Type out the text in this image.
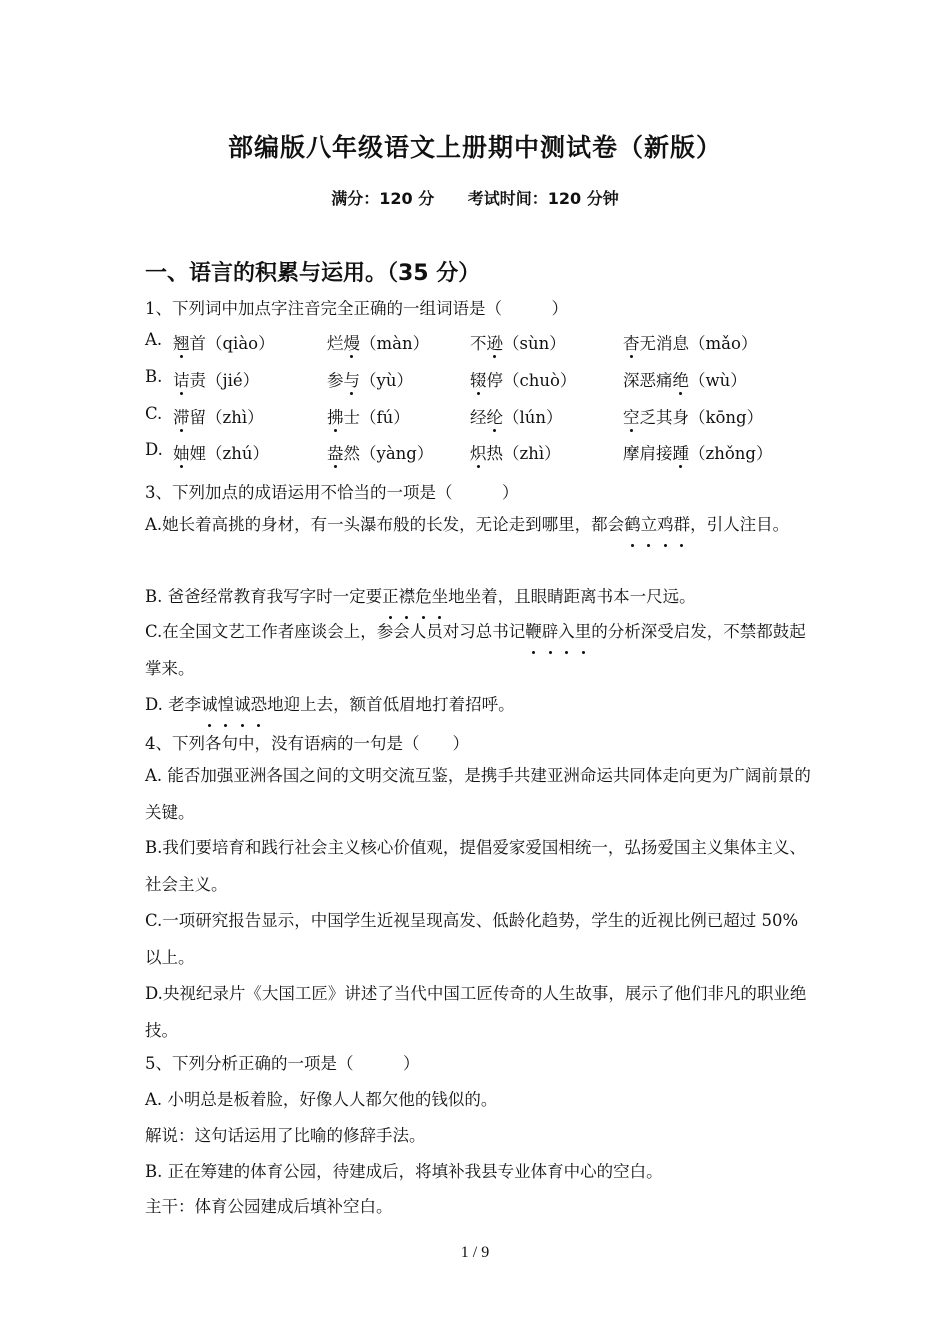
部编版八年级语文上册期中测试卷（新版）
满分：120 分 考试时间：120 分钟
一、语言的积累与运用。（35 分）
1、下列词中加点字注音完全正确的一组词语是（　　　）
A. 翘首（qiào）	烂熳（màn） 不逊（sùn）	杳无消息（mǎo）
B. 诘责（jié）	参与（yù）	辍停（chuò）	深恶痛绝（wù）
C. 滞留（zhì）	拂士（fú）	经纶（lún）	空乏其身（kōng）
D. 妯娌（zhú）	盎然（yàng） 炽热（zhì）	摩肩接踵（zhǒng）
3、下列加点的成语运用不恰当的一项是（　　　）
A.她长着高挑的身材，有一头瀑布般的长发，无论走到哪里，都会鹤立鸡群，引人注目。
B. 爸爸经常教育我写字时一定要正襟危坐地坐着，且眼睛距离书本一尺远。
C.在全国文艺工作者座谈会上，参会人员对习总书记鞭辟入里的分析深受启发，不禁都鼓起掌来。
D. 老李诚惶诚恐地迎上去，额首低眉地打着招呼。
4、下列各句中，没有语病的一句是（　　）
A. 能否加强亚洲各国之间的文明交流互鉴，是携手共建亚洲命运共同体走向更为广阔前景的关键。
B.我们要培育和践行社会主义核心价值观，提倡爱家爱国相统一，弘扬爱国主义集体主义、社会主义。
C.一项研究报告显示，中国学生近视呈现高发、低龄化趋势，学生的近视比例已超过 50%以上。
D.央视纪录片《大国工匠》讲述了当代中国工匠传奇的人生故事，展示了他们非凡的职业绝技。
5、下列分析正确的一项是（　　　）
A. 小明总是板着脸，好像人人都欠他的钱似的。
解说：这句话运用了比喻的修辞手法。
B. 正在筹建的体育公园，待建成后，将填补我县专业体育中心的空白。
主干：体育公园建成后填补空白。
1 / 9
